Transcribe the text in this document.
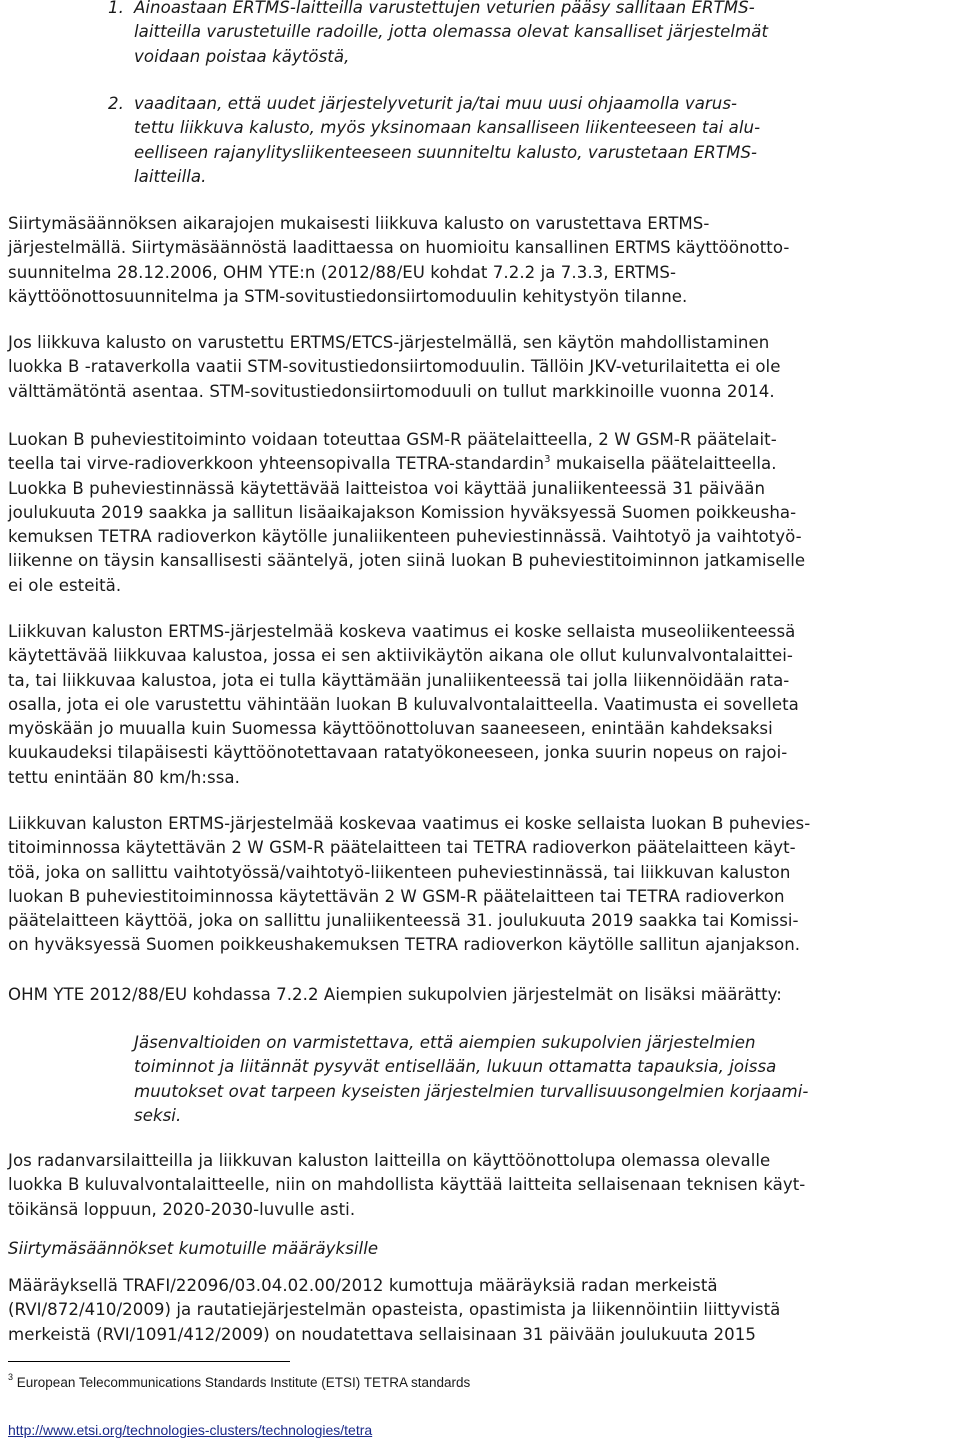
1. Ainoastaan ERTMS-laitteilla varustettujen veturien pääsy sallitaan ERTMS-
laitteilla varustetuille radoille, jotta olemassa olevat kansalliset järjestelmät
voidaan poistaa käytöstä,
2. vaaditaan, että uudet järjestelyveturit ja/tai muu uusi ohjaamolla varus-
tettu liikkuva kalusto, myös yksinomaan kansalliseen liikenteeseen tai alu-
eelliseen rajanylitysliikenteeseen suunniteltu kalusto, varustetaan ERTMS-
laitteilla.
Siirtymäsäännöksen aikarajojen mukaisesti liikkuva kalusto on varustettava ERTMS-
järjestelmällä. Siirtymäsäännöstä laadittaessa on huomioitu kansallinen ERTMS käyttöönotto-
suunnitelma 28.12.2006, OHM YTE:n (2012/88/EU kohdat 7.2.2 ja 7.3.3, ERTMS-
käyttöönottosuunnitelma ja STM-sovitustiedonsiirtomoduulin kehitystyön tilanne.
Jos liikkuva kalusto on varustettu ERTMS/ETCS-järjestelmällä, sen käytön mahdollistaminen
luokka B -rataverkolla vaatii STM-sovitustiedonsiirtomoduulin. Tällöin JKV-veturilaitetta ei ole
välttämätöntä asentaa. STM-sovitustiedonsiirtomoduuli on tullut markkinoille vuonna 2014.
Luokan B puheviestitoiminto voidaan toteuttaa GSM-R päätelaitteella, 2 W GSM-R päätelait-
teella tai virve-radioverkkoon yhteensopivalla TETRA-standardin$^3$ mukaisella päätelaitteella.
Luokka B puheviestinnässä käytettävää laitteistoa voi käyttää junaliikenteessä 31 päivään
joulukuuta 2019 saakka ja sallitun lisäaikajakson Komission hyväksyessä Suomen poikkeusha-
kemuksen TETRA radioverkon käytölle junaliikenteen puheviestinnässä. Vaihtotyö ja vaihtotyö-
liikenne on täysin kansallisesti sääntelyä, joten siinä luokan B puheviestitoiminnon jatkamiselle
ei ole esteitä.
Liikkuvan kaluston ERTMS-järjestelmää koskeva vaatimus ei koske sellaista museoliikenteessä
käytettävää liikkuvaa kalustoa, jossa ei sen aktiivikäytön aikana ole ollut kulunvalvontalaittei-
ta, tai liikkuvaa kalustoa, jota ei tulla käyttämään junaliikenteessä tai jolla liikennöidään rata-
osalla, jota ei ole varustettu vähintään luokan B kuluvalvontalaitteella. Vaatimusta ei sovelleta
myöskään jo muualla kuin Suomessa käyttöönottoluvan saaneeseen, enintään kahdeksaksi
kuukaudeksi tilapäisesti käyttöönotettavaan ratatyökoneeseen, jonka suurin nopeus on rajoi-
tettu enintään 80 km/h:ssa.
Liikkuvan kaluston ERTMS-järjestelmää koskevaa vaatimus ei koske sellaista luokan B puhevies-
titoiminnossa käytettävän 2 W GSM-R päätelaitteen tai TETRA radioverkon päätelaitteen käyt-
töä, joka on sallittu vaihtotyössä/vaihtotyö-liikenteen puheviestinnässä, tai liikkuvan kaluston
luokan B puheviestitoiminnossa käytettävän 2 W GSM-R päätelaitteen tai TETRA radioverkon
päätelaitteen käyttöä, joka on sallittu junaliikenteessä 31. joulukuuta 2019 saakka tai Komissi-
on hyväksyessä Suomen poikkeushakemuksen TETRA radioverkon käytölle sallitun ajanjakson.
OHM YTE 2012/88/EU kohdassa 7.2.2 Aiempien sukupolvien järjestelmät on lisäksi määrätty:
Jäsenvaltioiden on varmistettava, että aiempien sukupolvien järjestelmien
toiminnot ja liitännät pysyvät entisellään, lukuun ottamatta tapauksia, joissa
muutokset ovat tarpeen kyseisten järjestelmien turvallisuusongelmien korjaami-
seksi.
Jos radanvarsilaitteilla ja liikkuvan kaluston laitteilla on käyttöönottolupa olemassa olevalle
luokka B kuluvalvontalaitteelle, niin on mahdollista käyttää laitteita sellaisenaan teknisen käyt-
töikänsä loppuun, 2020-2030-luvulle asti.
Siirtymäsäännökset kumotuille määräyksille
Määräyksellä TRAFI/22096/03.04.02.00/2012 kumottuja määräyksiä radan merkeistä
(RVI/872/410/2009) ja rautatiejärjestelmän opasteista, opastimista ja liikennöintiin liittyvistä
merkeistä (RVI/1091/412/2009) on noudatettava sellaisinaan 31 päivään joulukuuta 2015
$^3$ European Telecommunications Standards Institute (ETSI) TETRA standards
http://www.etsi.org/technologies-clusters/technologies/tetra
